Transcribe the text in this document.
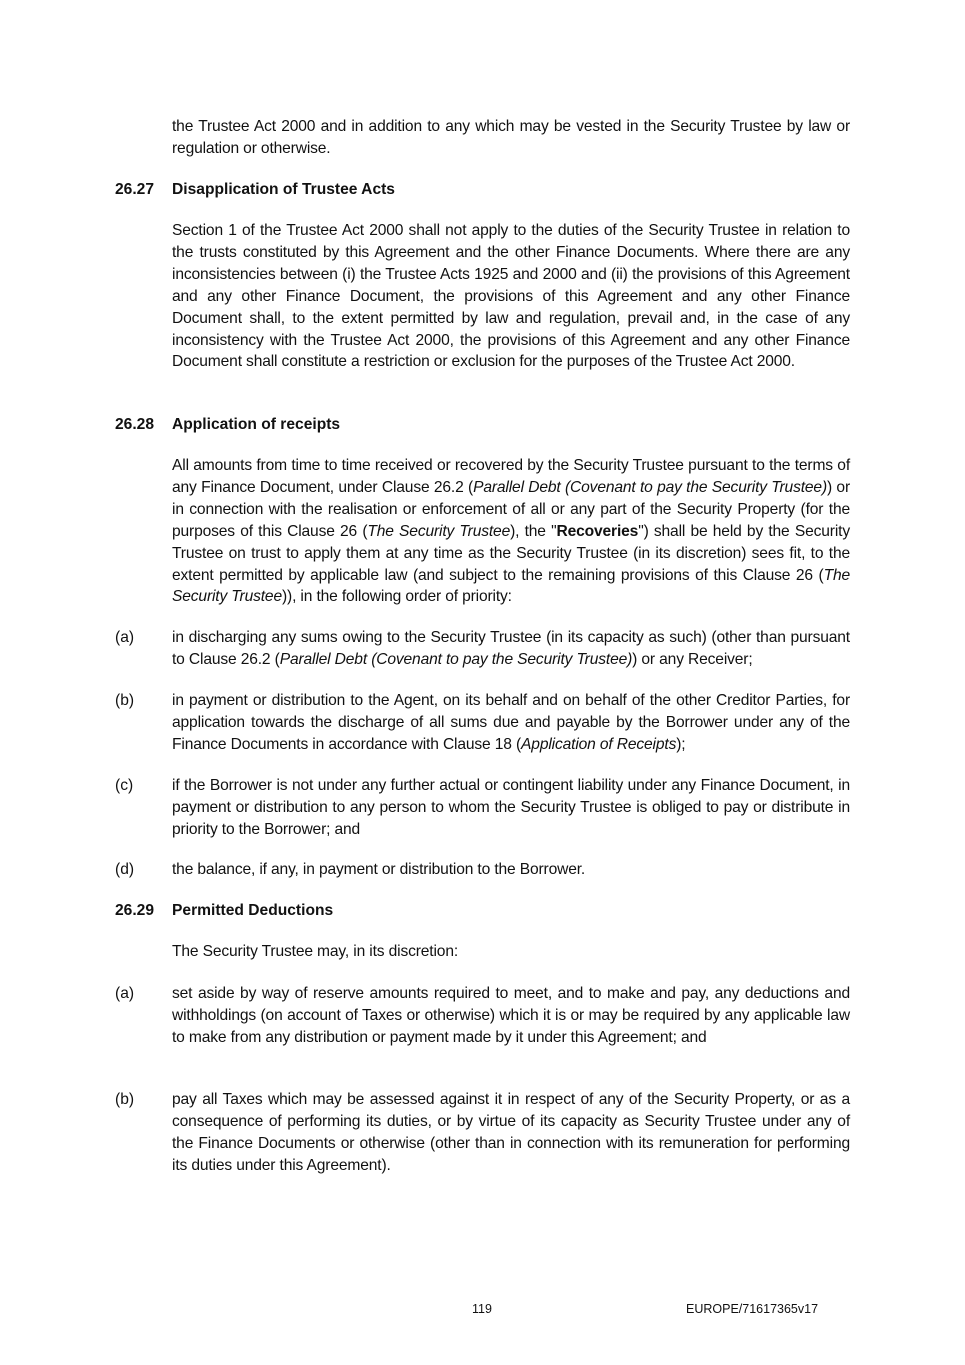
the Trustee Act 2000 and in addition to any which may be vested in the Security Trustee by law or regulation or otherwise.

26.27 Disapplication of Trustee Acts

Section 1 of the Trustee Act 2000 shall not apply to the duties of the Security Trustee in relation to the trusts constituted by this Agreement and the other Finance Documents. Where there are any inconsistencies between (i) the Trustee Acts 1925 and 2000 and (ii) the provisions of this Agreement and any other Finance Document, the provisions of this Agreement and any other Finance Document shall, to the extent permitted by law and regulation, prevail and, in the case of any inconsistency with the Trustee Act 2000, the provisions of this Agreement and any other Finance Document shall constitute a restriction or exclusion for the purposes of the Trustee Act 2000.

26.28 Application of receipts

All amounts from time to time received or recovered by the Security Trustee pursuant to the terms of any Finance Document, under Clause 26.2 (Parallel Debt (Covenant to pay the Security Trustee)) or in connection with the realisation or enforcement of all or any part of the Security Property (for the purposes of this Clause 26 (The Security Trustee), the "Recoveries") shall be held by the Security Trustee on trust to apply them at any time as the Security Trustee (in its discretion) sees fit, to the extent permitted by applicable law (and subject to the remaining provisions of this Clause 26 (The Security Trustee)), in the following order of priority:

(a) in discharging any sums owing to the Security Trustee (in its capacity as such) (other than pursuant to Clause 26.2 (Parallel Debt (Covenant to pay the Security Trustee)) or any Receiver;

(b) in payment or distribution to the Agent, on its behalf and on behalf of the other Creditor Parties, for application towards the discharge of all sums due and payable by the Borrower under any of the Finance Documents in accordance with Clause 18 (Application of Receipts);

(c) if the Borrower is not under any further actual or contingent liability under any Finance Document, in payment or distribution to any person to whom the Security Trustee is obliged to pay or distribute in priority to the Borrower; and

(d) the balance, if any, in payment or distribution to the Borrower.

26.29 Permitted Deductions

The Security Trustee may, in its discretion:

(a) set aside by way of reserve amounts required to meet, and to make and pay, any deductions and withholdings (on account of Taxes or otherwise) which it is or may be required by any applicable law to make from any distribution or payment made by it under this Agreement; and

(b) pay all Taxes which may be assessed against it in respect of any of the Security Property, or as a consequence of performing its duties, or by virtue of its capacity as Security Trustee under any of the Finance Documents or otherwise (other than in connection with its remuneration for performing its duties under this Agreement).

119	EUROPE/71617365v17
